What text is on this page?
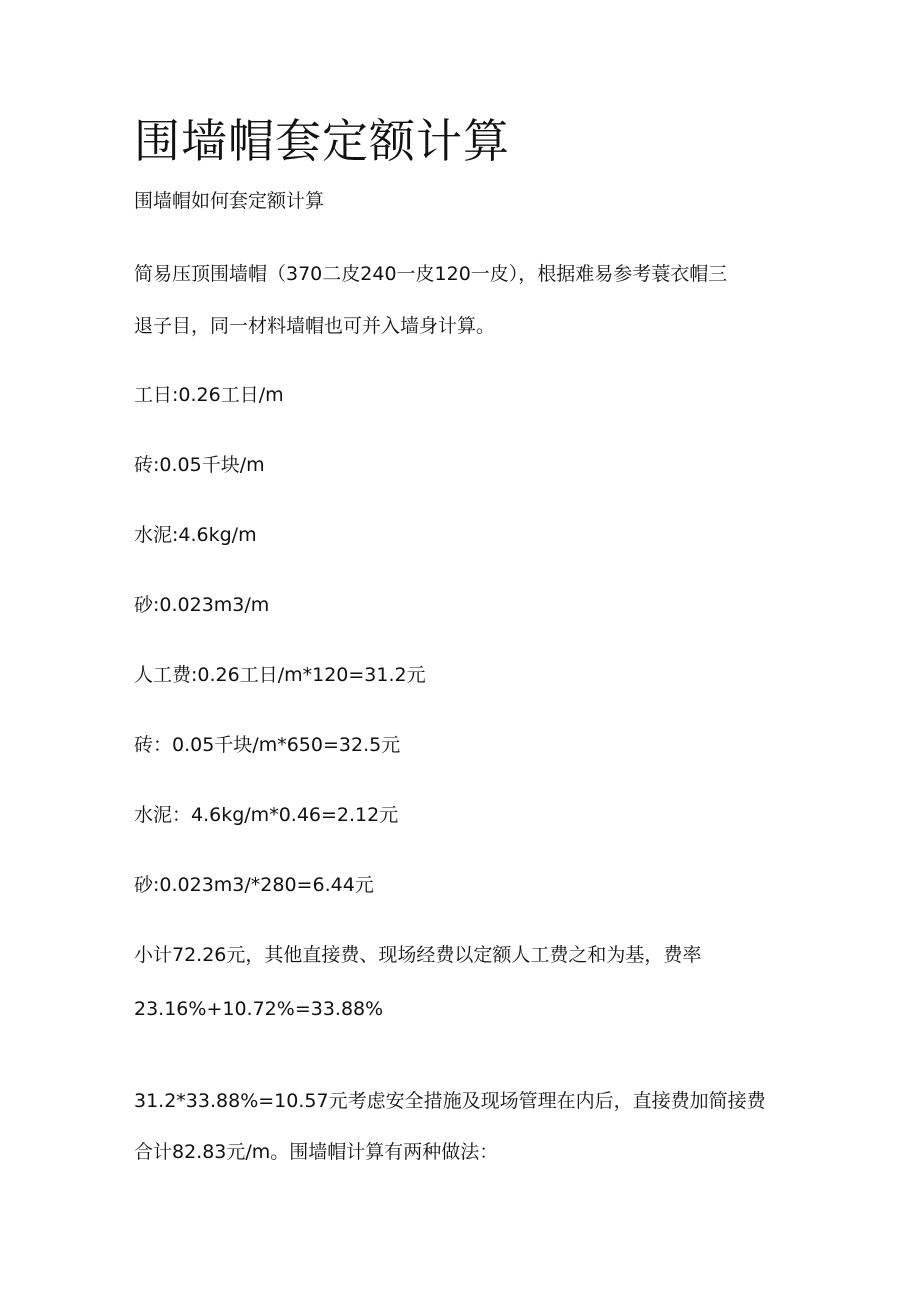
围墙帽套定额计算

围墙帽如何套定额计算

简易压顶围墙帽（370二皮240一皮120一皮），根据难易参考蓑衣帽三

退子目，同一材料墙帽也可并入墙身计算。

工日:0.26工日/m

砖:0.05千块/m

水泥:4.6kg/m

砂:0.023m3/m

人工费:0.26工日/m*120=31.2元

砖：0.05千块/m*650=32.5元

水泥：4.6kg/m*0.46=2.12元

砂:0.023m3/*280=6.44元

小计72.26元，其他直接费、现场经费以定额人工费之和为基，费率

23.16%+10.72%=33.88%

31.2*33.88%=10.57元考虑安全措施及现场管理在内后，直接费加简接费

合计82.83元/m。围墙帽计算有两种做法：
